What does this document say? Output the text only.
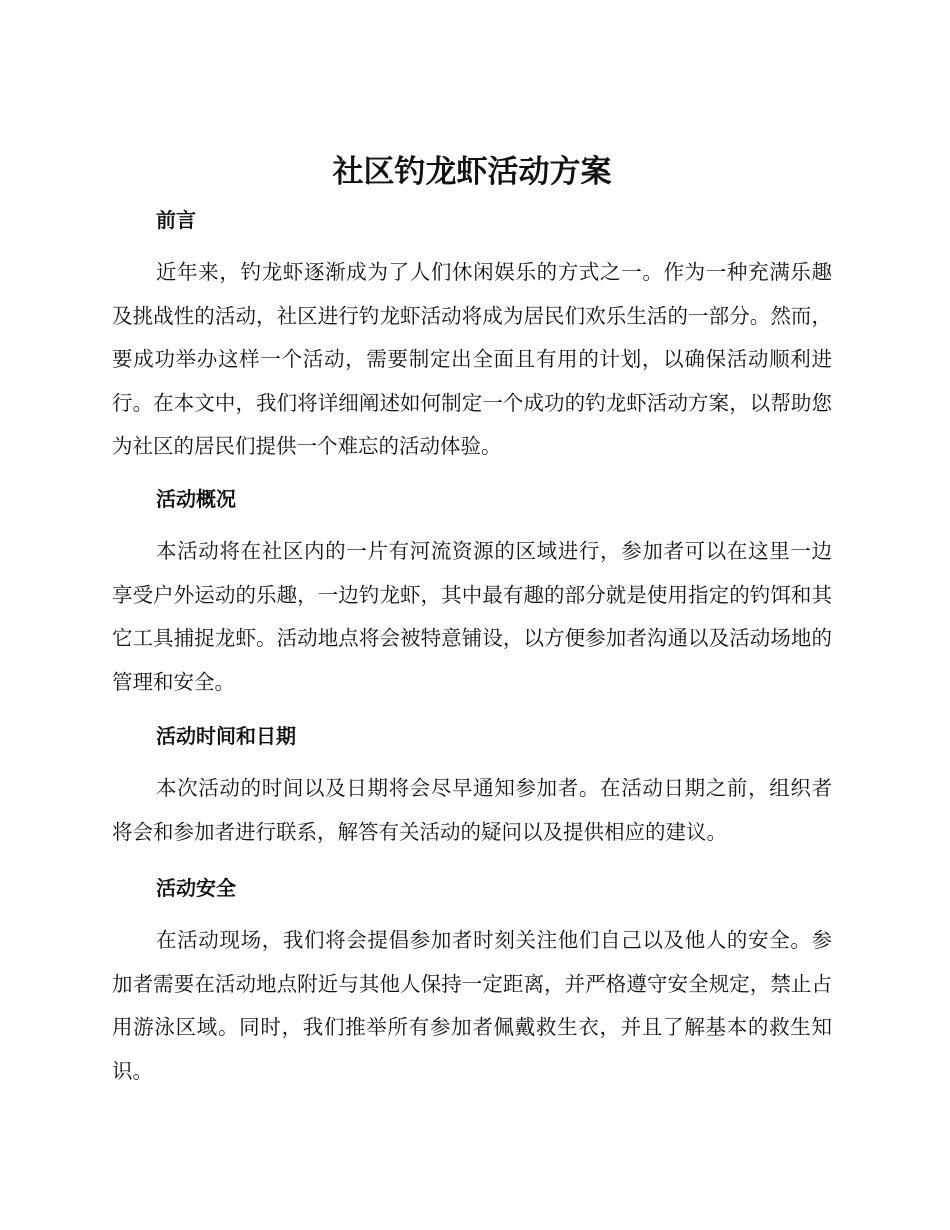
社区钓龙虾活动方案
前言

近年来，钓龙虾逐渐成为了人们休闲娱乐的方式之一。作为一种充满乐趣及挑战性的活动，社区进行钓龙虾活动将成为居民们欢乐生活的一部分。然而，要成功举办这样一个活动，需要制定出全面且有用的计划，以确保活动顺利进行。在本文中，我们将详细阐述如何制定一个成功的钓龙虾活动方案，以帮助您为社区的居民们提供一个难忘的活动体验。

活动概况

本活动将在社区内的一片有河流资源的区域进行，参加者可以在这里一边享受户外运动的乐趣，一边钓龙虾，其中最有趣的部分就是使用指定的钓饵和其它工具捕捉龙虾。活动地点将会被特意铺设，以方便参加者沟通以及活动场地的管理和安全。

活动时间和日期

本次活动的时间以及日期将会尽早通知参加者。在活动日期之前，组织者将会和参加者进行联系，解答有关活动的疑问以及提供相应的建议。

活动安全

在活动现场，我们将会提倡参加者时刻关注他们自己以及他人的安全。参加者需要在活动地点附近与其他人保持一定距离，并严格遵守安全规定，禁止占用游泳区域。同时，我们推举所有参加者佩戴救生衣，并且了解基本的救生知识。
